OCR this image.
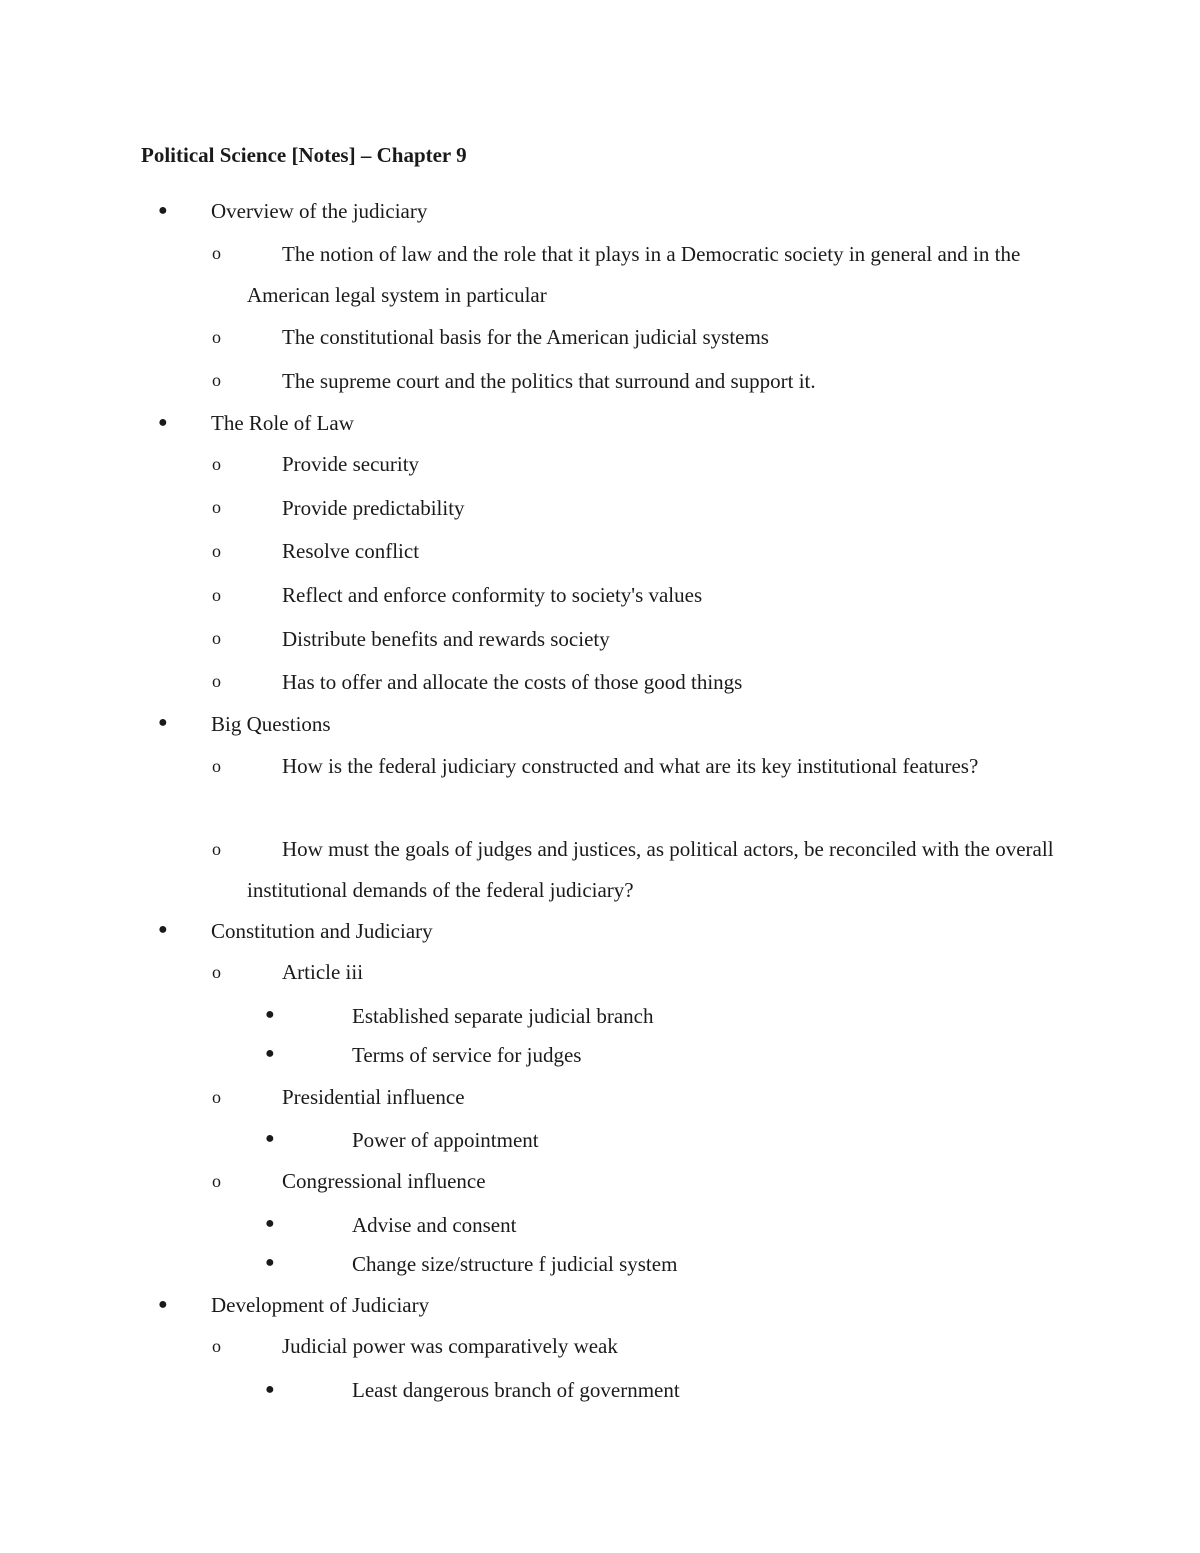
Political Science [Notes] – Chapter 9
● Overview of the judiciary
o	The notion of law and the role that it plays in a Democratic society in general and in the American legal system in particular
o	The constitutional basis for the American judicial systems
o	The supreme court and the politics that surround and support it.
● The Role of Law
o	Provide security
o	Provide predictability
o	Resolve conflict
o	Reflect and enforce conformity to society's values
o	Distribute benefits and rewards society
o	Has to offer and allocate the costs of those good things
● Big Questions
o	How is the federal judiciary constructed and what are its key institutional features?
o	How must the goals of judges and justices, as political actors, be reconciled with the overall institutional demands of the federal judiciary?
● Constitution and Judiciary
o	Article iii
●	Established separate judicial branch
●	Terms of service for judges
o	Presidential influence
●	Power of appointment
o	Congressional influence
●	Advise and consent
●	Change size/structure f judicial system
● Development of Judiciary
o	Judicial power was comparatively weak
●	Least dangerous branch of government
